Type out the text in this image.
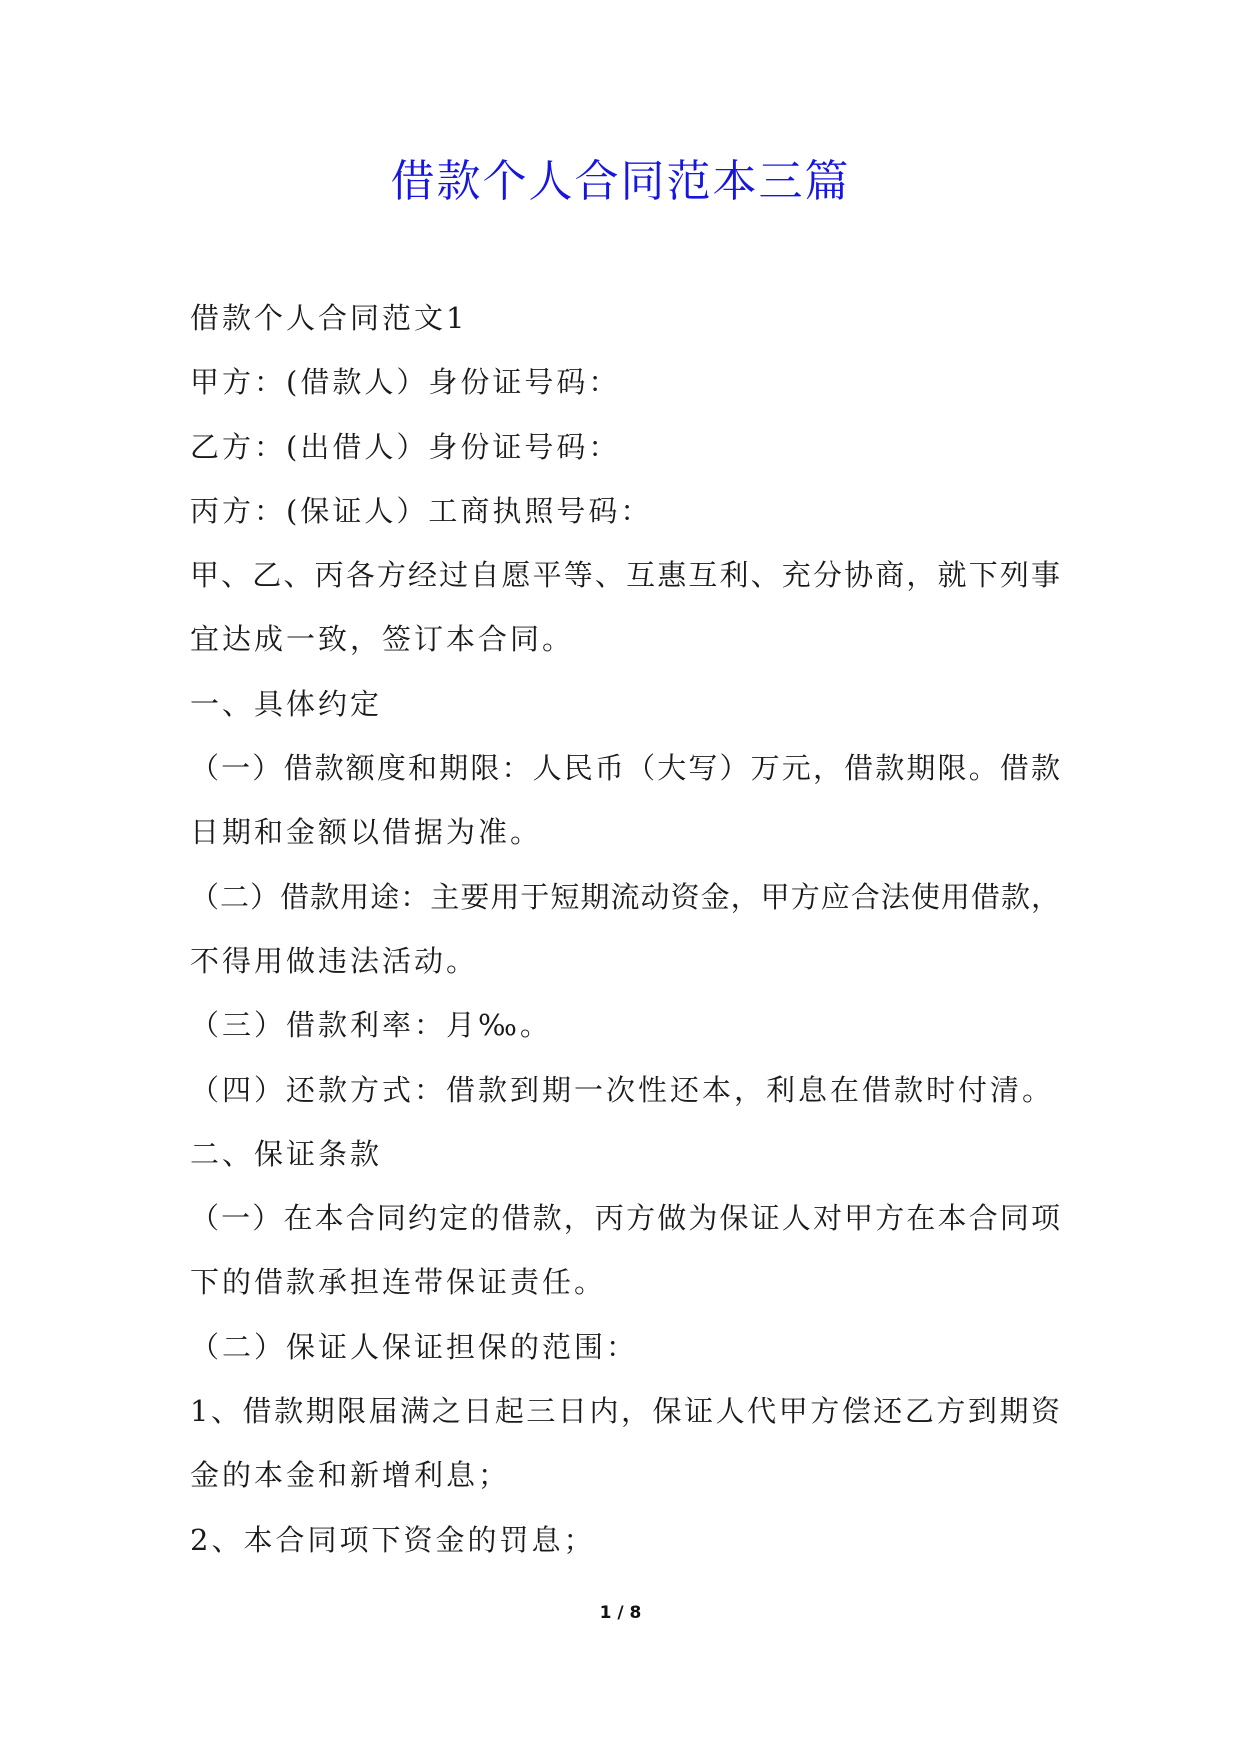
借款个人合同范本三篇

借款个人合同范文1

甲方：(借款人）身份证号码：

乙方：(出借人）身份证号码：

丙方：(保证人）工商执照号码：

甲、乙、丙各方经过自愿平等、互惠互利、充分协商，就下列事

宜达成一致，签订本合同。

一、具体约定

（一）借款额度和期限：人民币（大写）万元，借款期限。借款

日期和金额以借据为准。

（二）借款用途：主要用于短期流动资金，甲方应合法使用借款，

不得用做违法活动。

（三）借款利率：月‰。

（四）还款方式：借款到期一次性还本，利息在借款时付清。

二、保证条款

（一）在本合同约定的借款，丙方做为保证人对甲方在本合同项

下的借款承担连带保证责任。

（二）保证人保证担保的范围：

1、借款期限届满之日起三日内，保证人代甲方偿还乙方到期资

金的本金和新增利息；

2、本合同项下资金的罚息；

1 / 8
